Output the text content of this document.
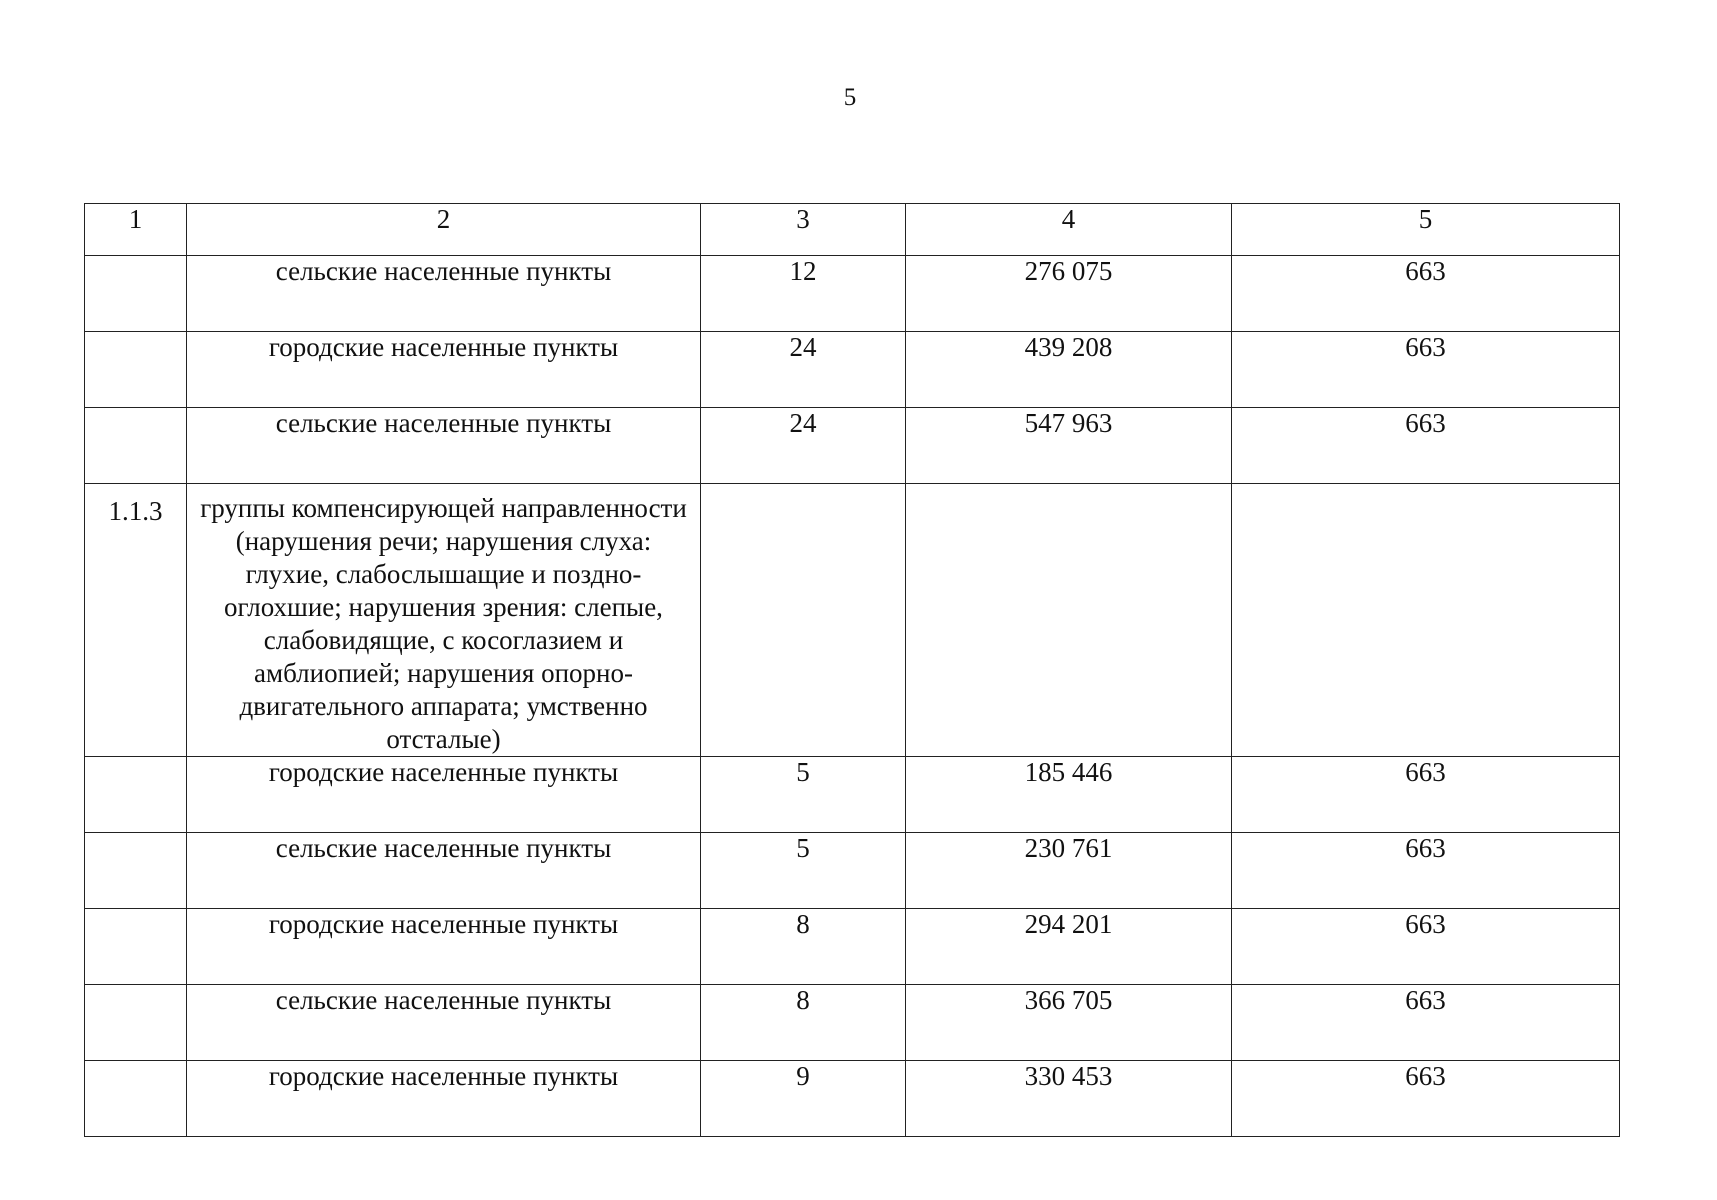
5
1	2	3	4	5
	сельские населенные пункты	12	276 075	663
	городские населенные пункты	24	439 208	663
	сельские населенные пункты	24	547 963	663
1.1.3	группы компенсирующей направленности (нарушения речи; нарушения слуха: глухие, слабослышащие и поздно-оглохшие; нарушения зрения: слепые, слабовидящие, с косоглазием и амблиопией; нарушения опорно-двигательного аппарата; умственно отсталые)			
	городские населенные пункты	5	185 446	663
	сельские населенные пункты	5	230 761	663
	городские населенные пункты	8	294 201	663
	сельские населенные пункты	8	366 705	663
	городские населенные пункты	9	330 453	663
